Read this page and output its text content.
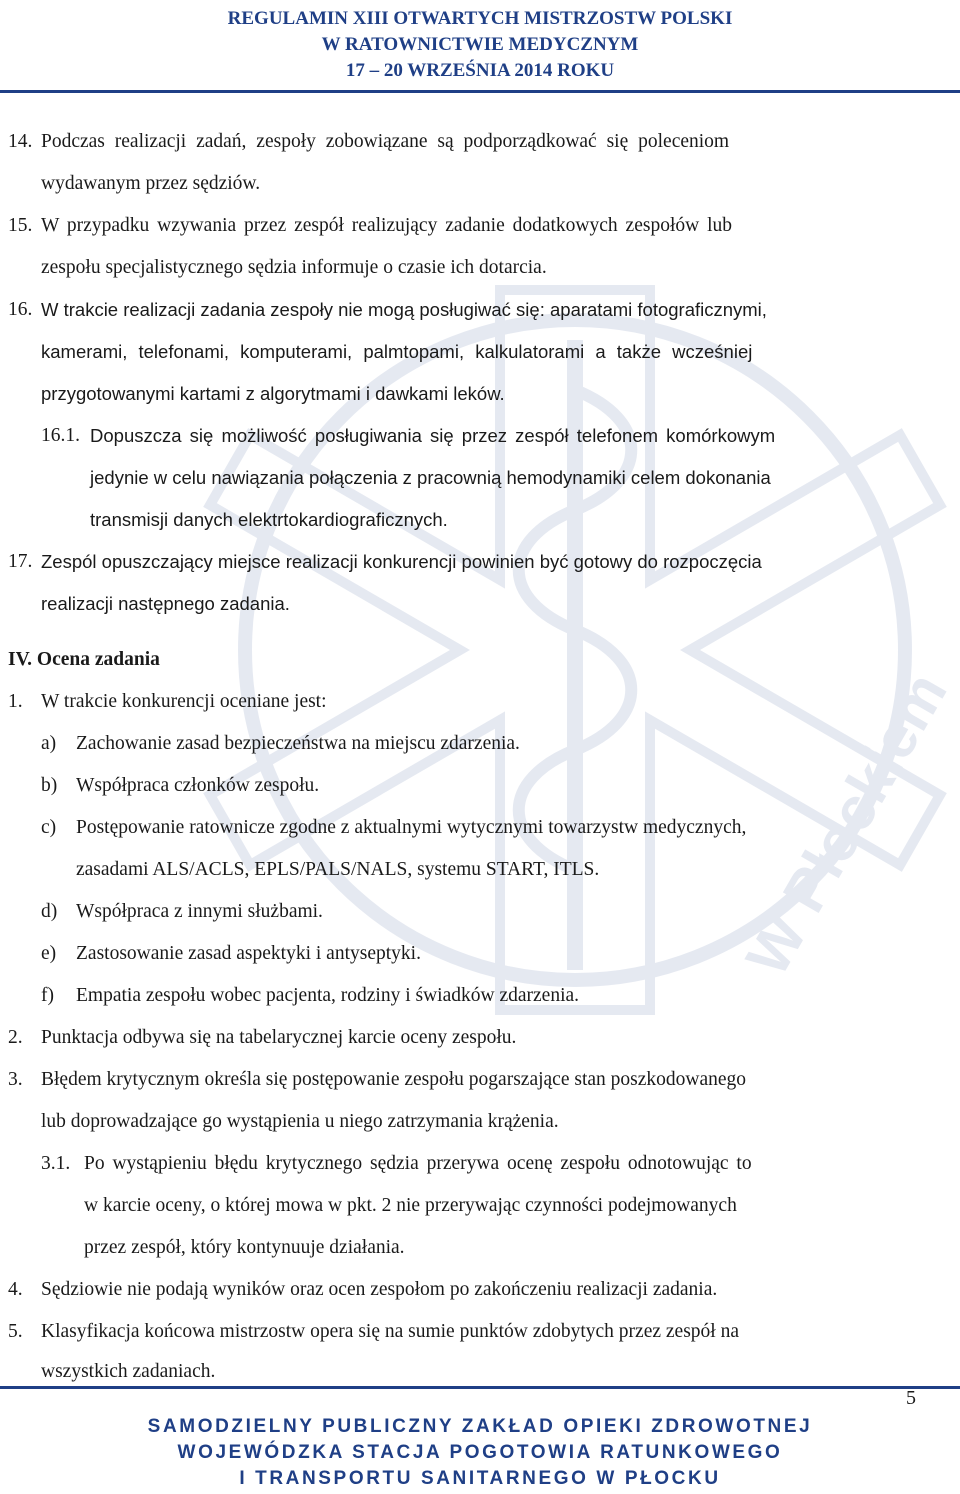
REGULAMIN XIII OTWARTYCH MISTRZOSTW POLSKI
W RATOWNICTWIE MEDYCZNYM
17 – 20 WRZEŚNIA 2014 ROKU
W Płockiem
14. Podczas realizacji zadań, zespoły zobowiązane są podporządkować się poleceniom
wydawanym przez sędziów.
15. W przypadku wzywania przez zespół realizujący zadanie dodatkowych zespołów lub
zespołu specjalistycznego sędzia informuje o czasie ich dotarcia.
16. W trakcie realizacji zadania zespoły nie mogą posługiwać się: aparatami fotograficznymi,
kamerami, telefonami, komputerami, palmtopami, kalkulatorami a także wcześniej
przygotowanymi kartami z algorytmami i dawkami leków.
16.1. Dopuszcza się możliwość posługiwania się przez zespół telefonem komórkowym
jedynie w celu nawiązania połączenia z pracownią hemodynamiki celem dokonania
transmisji danych elektrtokardiograficznych.
17. Zespól opuszczający miejsce realizacji konkurencji powinien być gotowy do rozpoczęcia
realizacji następnego zadania.
IV. Ocena zadania
1. W trakcie konkurencji oceniane jest:
a) Zachowanie zasad bezpieczeństwa na miejscu zdarzenia.
b) Współpraca członków zespołu.
c) Postępowanie ratownicze zgodne z aktualnymi wytycznymi towarzystw medycznych,
zasadami ALS/ACLS, EPLS/PALS/NALS, systemu START, ITLS.
d) Współpraca z innymi służbami.
e) Zastosowanie zasad aspektyki i antyseptyki.
f) Empatia zespołu wobec pacjenta, rodziny i świadków zdarzenia.
2. Punktacja odbywa się na tabelarycznej karcie oceny zespołu.
3. Błędem krytycznym określa się postępowanie zespołu pogarszające stan poszkodowanego
lub doprowadzające go wystąpienia u niego zatrzymania krążenia.
3.1. Po wystąpieniu błędu krytycznego sędzia przerywa ocenę zespołu odnotowując to
w karcie oceny, o której mowa w pkt. 2 nie przerywając czynności podejmowanych
przez zespół, który kontynuuje działania.
4. Sędziowie nie podają wyników oraz ocen zespołom po zakończeniu realizacji zadania.
5. Klasyfikacja końcowa mistrzostw opera się na sumie punktów zdobytych przez zespół na
wszystkich zadaniach.
5
SAMODZIELNY PUBLICZNY ZAKŁAD OPIEKI ZDROWOTNEJ
WOJEWÓDZKA STACJA POGOTOWIA RATUNKOWEGO
I TRANSPORTU SANITARNEGO W PŁOCKU
